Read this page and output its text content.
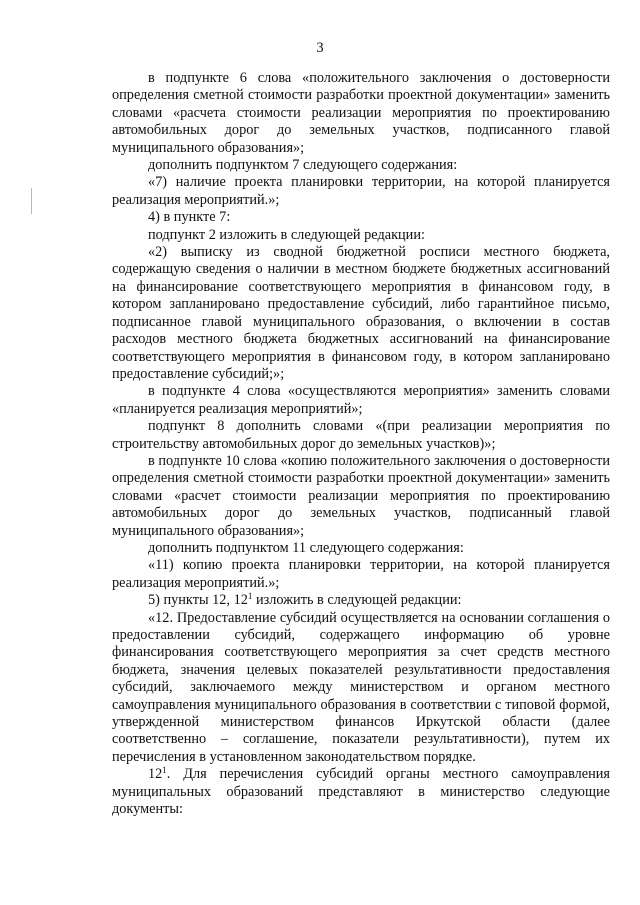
3

в подпункте 6 слова «положительного заключения о достоверности определения сметной стоимости разработки проектной документации» заменить словами «расчета стоимости реализации мероприятия по проектированию автомобильных дорог до земельных участков, подписанного главой муниципального образования»;

дополнить подпунктом 7 следующего содержания:

«7) наличие проекта планировки территории, на которой планируется реализация мероприятий.»;

4) в пункте 7:

подпункт 2 изложить в следующей редакции:

«2) выписку из сводной бюджетной росписи местного бюджета, содержащую сведения о наличии в местном бюджете бюджетных ассигнований на финансирование соответствующего мероприятия в финансовом году, в котором запланировано предоставление субсидий, либо гарантийное письмо, подписанное главой муниципального образования, о включении в состав расходов местного бюджета бюджетных ассигнований на финансирование соответствующего мероприятия в финансовом году, в котором запланировано предоставление субсидий;»;

в подпункте 4 слова «осуществляются мероприятия» заменить словами «планируется реализация мероприятий»;

подпункт 8 дополнить словами «(при реализации мероприятия по строительству автомобильных дорог до земельных участков)»;

в подпункте 10 слова «копию положительного заключения о достоверности определения сметной стоимости разработки проектной документации» заменить словами «расчет стоимости реализации мероприятия по проектированию автомобильных дорог до земельных участков, подписанный главой муниципального образования»;

дополнить подпунктом 11 следующего содержания:

«11) копию проекта планировки территории, на которой планируется реализация мероприятий.»;

5) пункты 12, $12^1$ изложить в следующей редакции:

«12. Предоставление субсидий осуществляется на основании соглашения о предоставлении субсидий, содержащего информацию об уровне финансирования соответствующего мероприятия за счет средств местного бюджета, значения целевых показателей результативности предоставления субсидий, заключаемого между министерством и органом местного самоуправления муниципального образования в соответствии с типовой формой, утвержденной министерством финансов Иркутской области (далее соответственно – соглашение, показатели результативности), путем их перечисления в установленном законодательством порядке.

$12^1$. Для перечисления субсидий органы местного самоуправления муниципальных образований представляют в министерство следующие документы:
